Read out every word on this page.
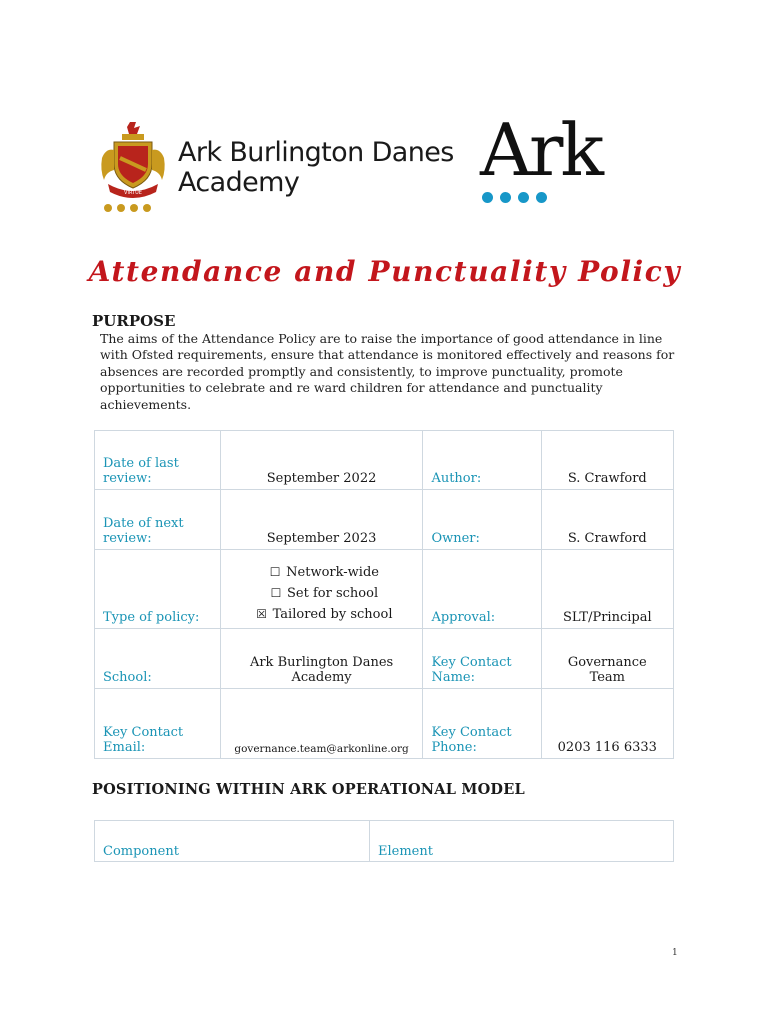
VIRTUE
Ark Burlington Danes
Academy	Ark
Attendance and Punctuality Policy
PURPOSE
The aims of the Attendance Policy are to raise the importance of good attendance in line with Ofsted requirements, ensure that attendance is monitored effectively and reasons for absences are recorded promptly and consistently, to improve punctuality, promote opportunities to celebrate and re ward children for attendance and punctuality achievements.
Date of last review:	September 2022	Author:	S. Crawford
Date of next review:	September 2023	Owner:	S. Crawford
Type of policy:	☐ Network-wide
☐ Set for school
☒ Tailored by school	Approval:	SLT/Principal
School:	Ark Burlington Danes Academy	Key Contact Name:	Governance Team
Key Contact Email:	governance.team@arkonline.org	Key Contact Phone:	0203 116 6333
POSITIONING WITHIN ARK OPERATIONAL MODEL
Component	Element
1
